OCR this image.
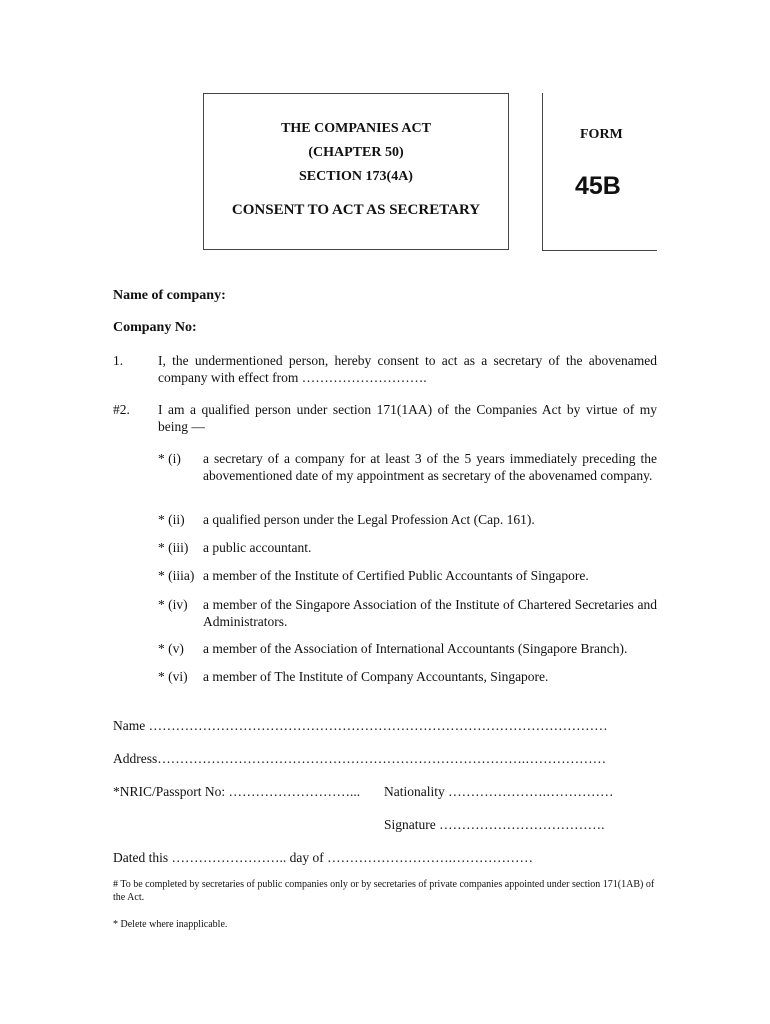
THE COMPANIES ACT
(CHAPTER 50)
SECTION 173(4A)
CONSENT TO ACT AS SECRETARY
FORM
45B
Name of company:
Company No:
1.	I, the undermentioned person, hereby consent to act as a secretary of the abovenamed company with effect from ……………………….
#2. I am a qualified person under section 171(1AA) of the Companies Act by virtue of my being —
* (i) a secretary of a company for at least 3 of the 5 years immediately preceding the abovementioned date of my appointment as secretary of the abovenamed company.
* (ii) a qualified person under the Legal Profession Act (Cap. 161).
* (iii) a public accountant.
* (iiia) a member of the Institute of Certified Public Accountants of Singapore.
* (iv) a member of the Singapore Association of the Institute of Chartered Secretaries and Administrators.
* (v) a member of the Association of International Accountants (Singapore Branch).
* (vi) a member of The Institute of Company Accountants, Singapore.
Name …………………………………………………………………………………………
Address……………………………………………………………………….………………
*NRIC/Passport No: ………………………... Nationality ………………….……………
Signature ……………………………….
Dated this …………………….. day of ……………………….………………
# To be completed by secretaries of public companies only or by secretaries of private companies appointed under section 171(1AB) of the Act.
* Delete where inapplicable.
